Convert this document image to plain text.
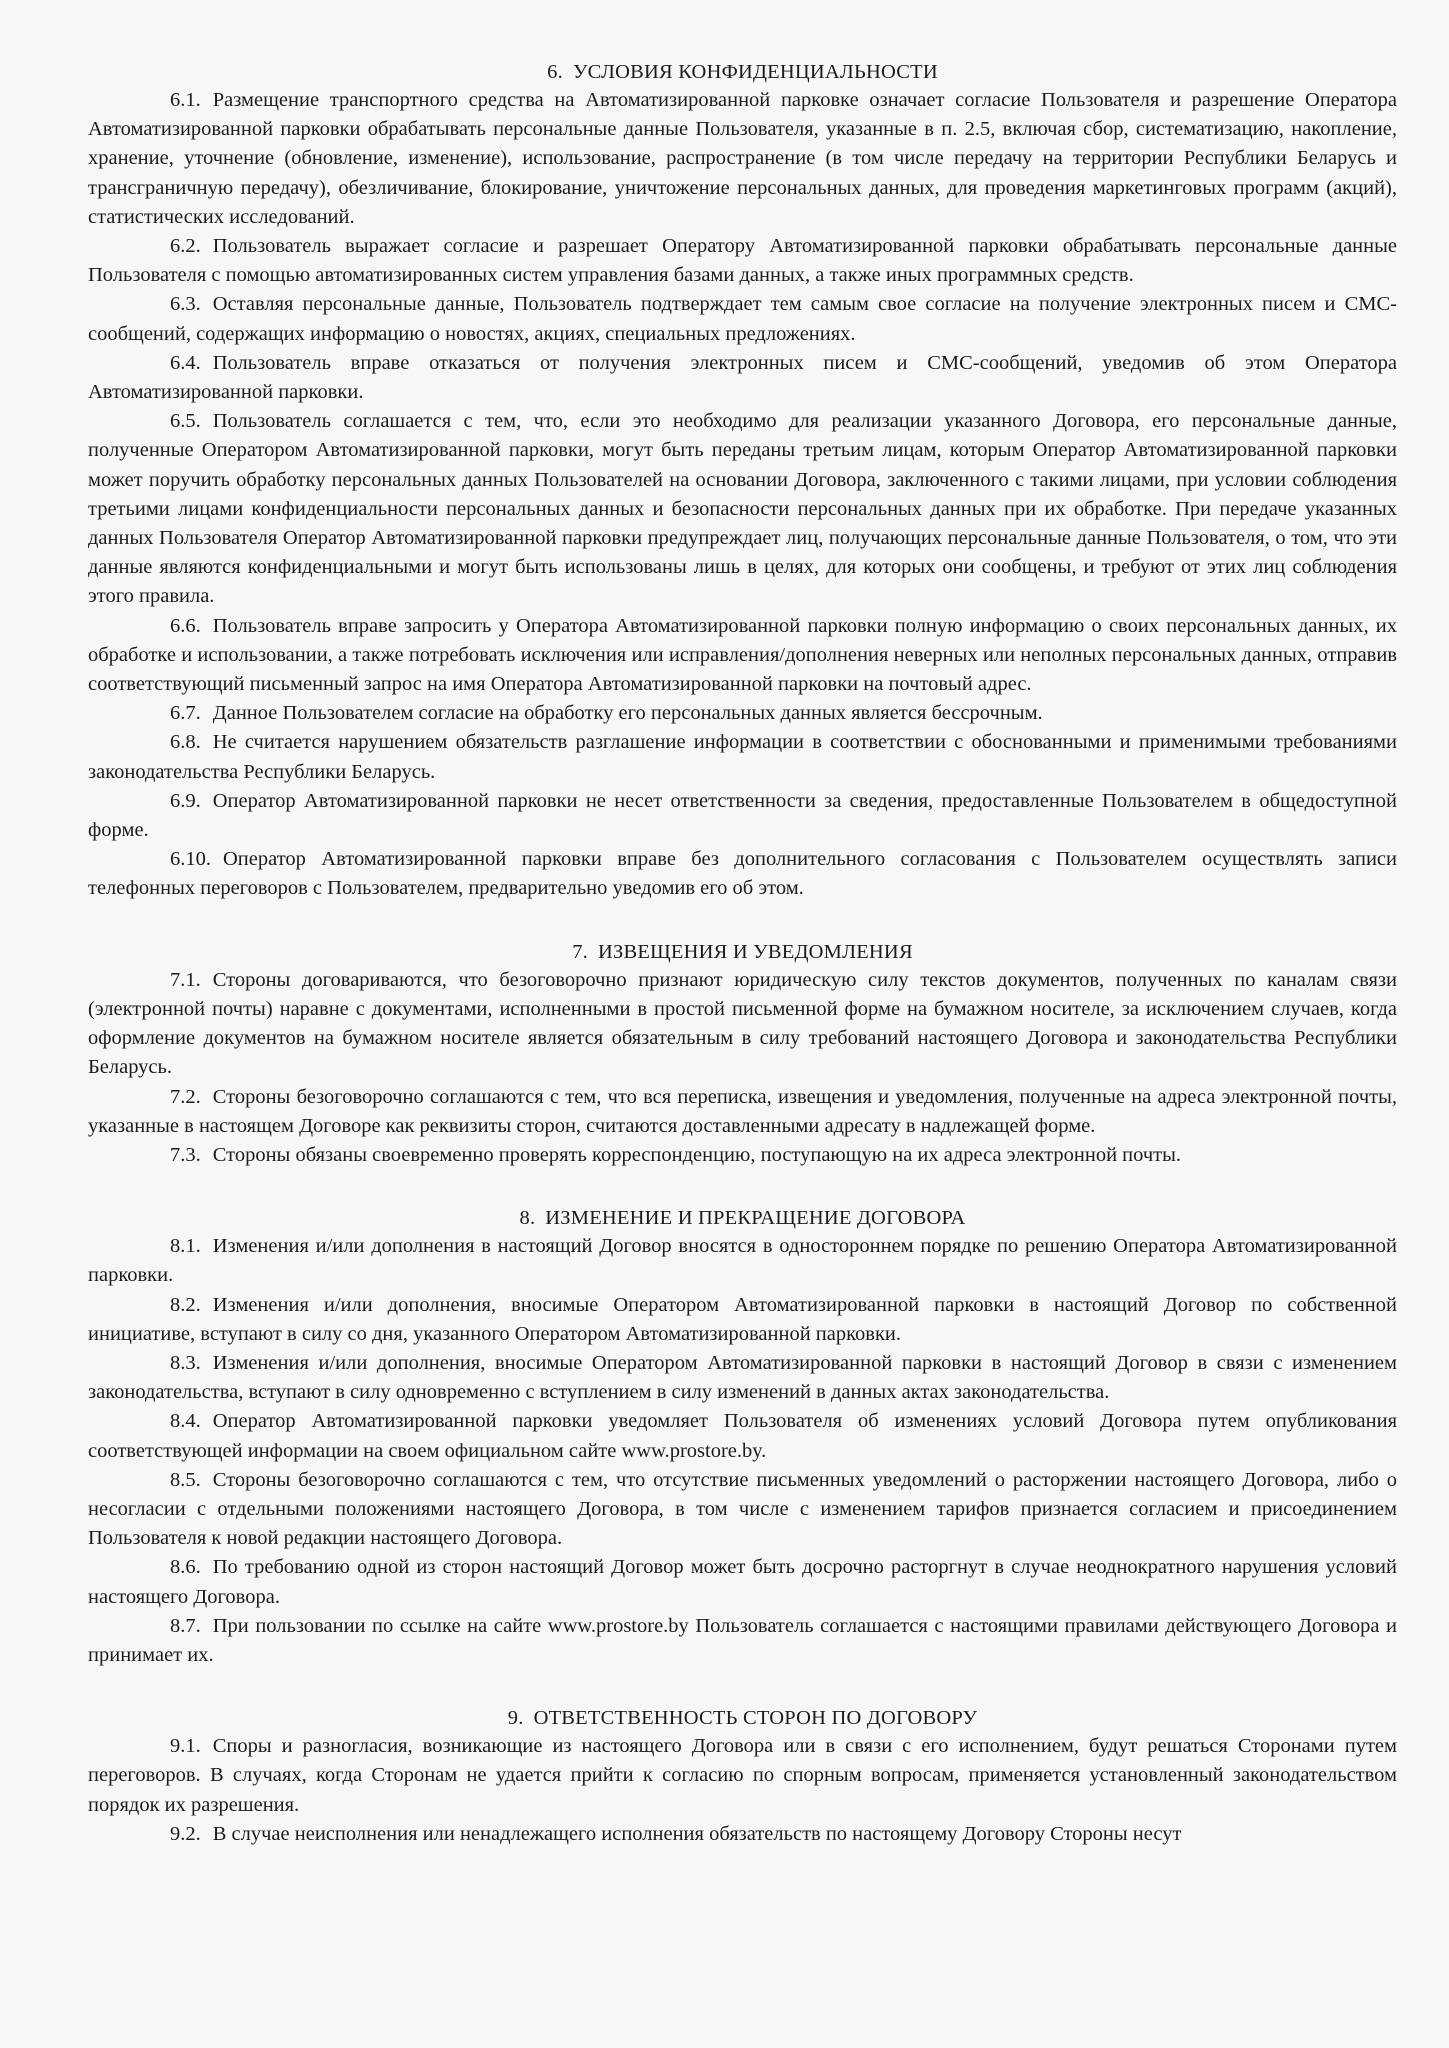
6. УСЛОВИЯ КОНФИДЕНЦИАЛЬНОСТИ

6.1. Размещение транспортного средства на Автоматизированной парковке означает согласие Пользователя и разрешение Оператора Автоматизированной парковки обрабатывать персональные данные Пользователя, указанные в п. 2.5, включая сбор, систематизацию, накопление, хранение, уточнение (обновление, изменение), использование, распространение (в том числе передачу на территории Республики Беларусь и трансграничную передачу), обезличивание, блокирование, уничтожение персональных данных, для проведения маркетинговых программ (акций), статистических исследований.

6.2. Пользователь выражает согласие и разрешает Оператору Автоматизированной парковки обрабатывать персональные данные Пользователя с помощью автоматизированных систем управления базами данных, а также иных программных средств.

6.3. Оставляя персональные данные, Пользователь подтверждает тем самым свое согласие на получение электронных писем и СМС-сообщений, содержащих информацию о новостях, акциях, специальных предложениях.

6.4. Пользователь вправе отказаться от получения электронных писем и СМС-сообщений, уведомив об этом Оператора Автоматизированной парковки.

6.5. Пользователь соглашается с тем, что, если это необходимо для реализации указанного Договора, его персональные данные, полученные Оператором Автоматизированной парковки, могут быть переданы третьим лицам, которым Оператор Автоматизированной парковки может поручить обработку персональных данных Пользователей на основании Договора, заключенного с такими лицами, при условии соблюдения третьими лицами конфиденциальности персональных данных и безопасности персональных данных при их обработке. При передаче указанных данных Пользователя Оператор Автоматизированной парковки предупреждает лиц, получающих персональные данные Пользователя, о том, что эти данные являются конфиденциальными и могут быть использованы лишь в целях, для которых они сообщены, и требуют от этих лиц соблюдения этого правила.

6.6. Пользователь вправе запросить у Оператора Автоматизированной парковки полную информацию о своих персональных данных, их обработке и использовании, а также потребовать исключения или исправления/дополнения неверных или неполных персональных данных, отправив соответствующий письменный запрос на имя Оператора Автоматизированной парковки на почтовый адрес.

6.7. Данное Пользователем согласие на обработку его персональных данных является бессрочным.

6.8. Не считается нарушением обязательств разглашение информации в соответствии с обоснованными и применимыми требованиями законодательства Республики Беларусь.

6.9. Оператор Автоматизированной парковки не несет ответственности за сведения, предоставленные Пользователем в общедоступной форме.

6.10. Оператор Автоматизированной парковки вправе без дополнительного согласования с Пользователем осуществлять записи телефонных переговоров с Пользователем, предварительно уведомив его об этом.

7. ИЗВЕЩЕНИЯ И УВЕДОМЛЕНИЯ

7.1. Стороны договариваются, что безоговорочно признают юридическую силу текстов документов, полученных по каналам связи (электронной почты) наравне с документами, исполненными в простой письменной форме на бумажном носителе, за исключением случаев, когда оформление документов на бумажном носителе является обязательным в силу требований настоящего Договора и законодательства Республики Беларусь.

7.2. Стороны безоговорочно соглашаются с тем, что вся переписка, извещения и уведомления, полученные на адреса электронной почты, указанные в настоящем Договоре как реквизиты сторон, считаются доставленными адресату в надлежащей форме.

7.3. Стороны обязаны своевременно проверять корреспонденцию, поступающую на их адреса электронной почты.

8. ИЗМЕНЕНИЕ И ПРЕКРАЩЕНИЕ ДОГОВОРА

8.1. Изменения и/или дополнения в настоящий Договор вносятся в одностороннем порядке по решению Оператора Автоматизированной парковки.

8.2. Изменения и/или дополнения, вносимые Оператором Автоматизированной парковки в настоящий Договор по собственной инициативе, вступают в силу со дня, указанного Оператором Автоматизированной парковки.

8.3. Изменения и/или дополнения, вносимые Оператором Автоматизированной парковки в настоящий Договор в связи с изменением законодательства, вступают в силу одновременно с вступлением в силу изменений в данных актах законодательства.

8.4. Оператор Автоматизированной парковки уведомляет Пользователя об изменениях условий Договора путем опубликования соответствующей информации на своем официальном сайте www.prostore.by.

8.5. Стороны безоговорочно соглашаются с тем, что отсутствие письменных уведомлений о расторжении настоящего Договора, либо о несогласии с отдельными положениями настоящего Договора, в том числе с изменением тарифов признается согласием и присоединением Пользователя к новой редакции настоящего Договора.

8.6. По требованию одной из сторон настоящий Договор может быть досрочно расторгнут в случае неоднократного нарушения условий настоящего Договора.

8.7. При пользовании по ссылке на сайте www.prostore.by Пользователь соглашается с настоящими правилами действующего Договора и принимает их.

9. ОТВЕТСТВЕННОСТЬ СТОРОН ПО ДОГОВОРУ

9.1. Споры и разногласия, возникающие из настоящего Договора или в связи с его исполнением, будут решаться Сторонами путем переговоров. В случаях, когда Сторонам не удается прийти к согласию по спорным вопросам, применяется установленный законодательством порядок их разрешения.

9.2. В случае неисполнения или ненадлежащего исполнения обязательств по настоящему Договору Стороны несут
